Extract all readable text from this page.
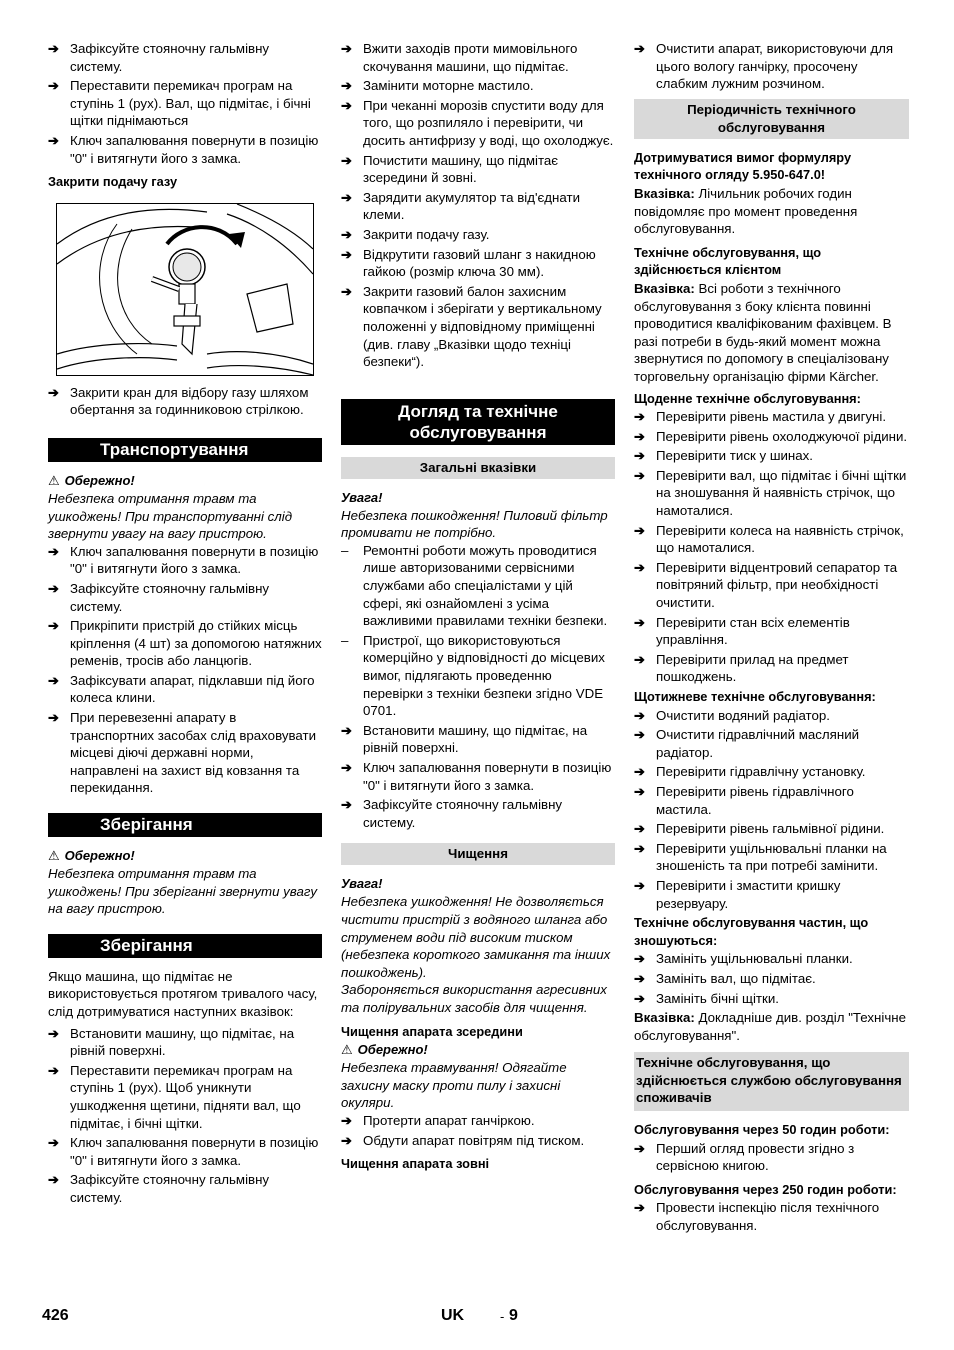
➔ Зафіксуйте стояночну гальмівну систему.
➔ Переставити перемикач програм на ступінь 1 (рух). Вал, що підмітає, і бічні щітки піднімаються
➔ Ключ запалювання повернути в позицію "0" і витягнути його з замка.
Закрити подачу газу
➔ Закрити кран для відбору газу шляхом обертання за годинниковою стрілкою.
Транспортування
⚠ Обережно!

Небезпека отримання травм та ушкоджень! При транспортуванні слід звернути увагу на вагу пристрою.

➔ Ключ запалювання повернути в позицію "0" і витягнути його з замка.
➔ Зафіксуйте стояночну гальмівну систему.
➔ Прикріпити пристрій до стійких місць кріплення (4 шт) за допомогою натяжних ременів, тросів або ланцюгів.
➔ Зафіксувати апарат, підклавши під його колеса клини.
➔ При перевезенні апарату в транспортних засобах слід враховувати місцеві діючі державні норми, направлені на захист від ковзання та перекидання.
Зберігання
⚠ Обережно!

Небезпека отримання травм та ушкоджень! При зберіганні звернути увагу на вагу пристрою.

Зберігання

Якщо машина, що підмітає не використовується протягом тривалого часу, слід дотримуватися наступних вказівок:

➔ Встановити машину, що підмітає, на рівній поверхні.
➔ Переставити перемикач програм на ступінь 1 (рух). Щоб уникнути ушкодження щетини, підняти вал, що підмітає, і бічні щітки.
➔ Ключ запалювання повернути в позицію "0" і витягнути його з замка.
➔ Зафіксуйте стояночну гальмівну систему.
➔ Вжити заходів проти мимовільного скочування машини, що підмітає.
➔ Замінити моторне мастило.
➔ При чеканні морозів спустити воду для того, що розпиляло і перевірити, чи досить антифризу у воді, що охолоджує.
➔ Почистити машину, що підмітає зсередини й зовні.
➔ Зарядити акумулятор та від'єднати клеми.
➔ Закрити подачу газу.
➔ Відкрутити газовий шланг з накидною гайкою (розмір ключа 30 мм).
➔ Закрити газовий балон захисним ковпачком і зберігати у вертикальному положенні у відповідному приміщенні (див. главу „Вказівки щодо техніці безпеки“).
Догляд та технічне обслуговування
Загальні вказівки
Увага!

Небезпека пошкодження! Пиловий фільтр промивати не потрібно.

–	Ремонтні роботи можуть проводитися лише авторизованими сервісними службами або спеціалістами у цій сфері, які ознайомлені з усіма важливими правилами техніки безпеки.
–	Пристрої, що використовуються комерційно у відповідності до місцевих вимог, підлягають проведенню перевірки з техніки безпеки згідно VDE 0701.
➔ Встановити машину, що підмітає, на рівній поверхні.
➔ Ключ запалювання повернути в позицію "0" і витягнути його з замка.
➔ Зафіксуйте стояночну гальмівну систему.
Чищення
Увага!

Небезпека ушкодження! Не дозволяється чистити пристрій з водяного шланга або струменем води під високим тиском (небезпека короткого замикання та інших пошкоджень).

Забороняється використання агресивних та полірувальних засобів для чищення.

Чищення апарата зсередини
⚠ Обережно!

Небезпека травмування! Одягайте захисну маску проти пилу і захисні окуляри.

➔ Протерти апарат ганчіркою.
➔ Обдути апарат повітрям під тиском.
Чищення апарата зовні
➔ Очистити апарат, використовуючи для цього вологу ганчірку, просочену слабким лужним розчином.
Періодичність технічного обслуговування
Дотримуватися вимог формуляру технічного огляду 5.950-647.0!

Вказівка: Лічильник робочих годин повідомляє про момент проведення обслуговування.

Технічне обслуговування, що здійснюється клієнтом

Вказівка: Всі роботи з технічного обслуговування з боку клієнта повинні проводитися кваліфікованим фахівцем. В разі потреби в будь-який момент можна звернутися по допомогу в спеціалізовану торговельну організацію фірми Kärcher.

Щоденне технічне обслуговування:
➔ Перевірити рівень мастила у двигуні.
➔ Перевірити рівень охолоджуючої рідини.
➔ Перевірити тиск у шинах.
➔ Перевірити вал, що підмітає і бічні щітки на зношування й наявність стрічок, що намоталися.
➔ Перевірити колеса на наявність стрічок, що намоталися.
➔ Перевірити відцентровий сепаратор та повітряний фільтр, при необхідності очистити.
➔ Перевірити стан всіх елементів управління.
➔ Перевірити прилад на предмет пошкоджень.
Щотижневе технічне обслуговування:
➔ Очистити водяний радіатор.
➔ Очистити гідравлічний масляний радіатор.
➔ Перевірити гідравлічну установку.
➔ Перевірити рівень гідравлічного мастила.
➔ Перевірити рівень гальмівної рідини.
➔ Перевірити ущільнювальні планки на зношеність та при потребі замінити.
➔ Перевірити і змастити кришку резервуару.
Технічне обслуговування частин, що зношуються:
➔ Замініть ущільнювальні планки.
➔ Замініть вал, що підмітає.
➔ Замініть бічні щітки.

Вказівка: Докладніше див. розділ "Технічне обслуговування".

Технічне обслуговування, що здійснюється службою обслуговування споживачів
Обслуговування через 50 годин роботи:
➔ Перший огляд провести згідно з сервісною книгою.
Обслуговування через 250 годин роботи:
➔ Провести інспекцію після технічного обслуговування.
426	UK	- 9
